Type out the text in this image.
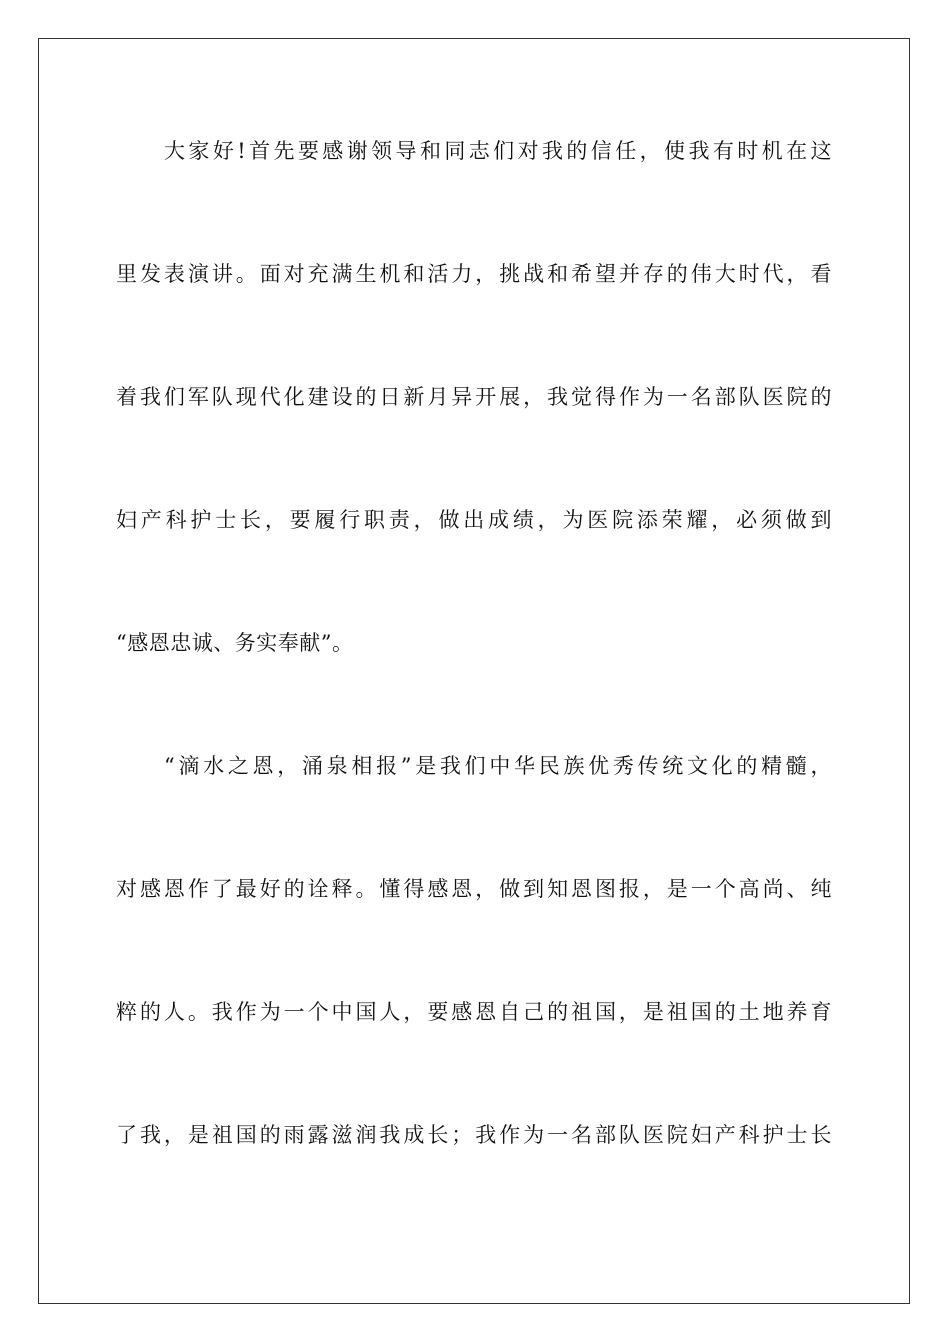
大家好!首先要感谢领导和同志们对我的信任，使我有时机在这
里发表演讲。面对充满生机和活力，挑战和希望并存的伟大时代，看
着我们军队现代化建设的日新月异开展，我觉得作为一名部队医院的
妇产科护士长，要履行职责，做出成绩，为医院添荣耀，必须做到
“感恩忠诚、务实奉献”。
“滴水之恩，涌泉相报”是我们中华民族优秀传统文化的精髓，
对感恩作了最好的诠释。懂得感恩，做到知恩图报，是一个高尚、纯
粹的人。我作为一个中国人，要感恩自己的祖国，是祖国的土地养育
了我，是祖国的雨露滋润我成长；我作为一名部队医院妇产科护士长
